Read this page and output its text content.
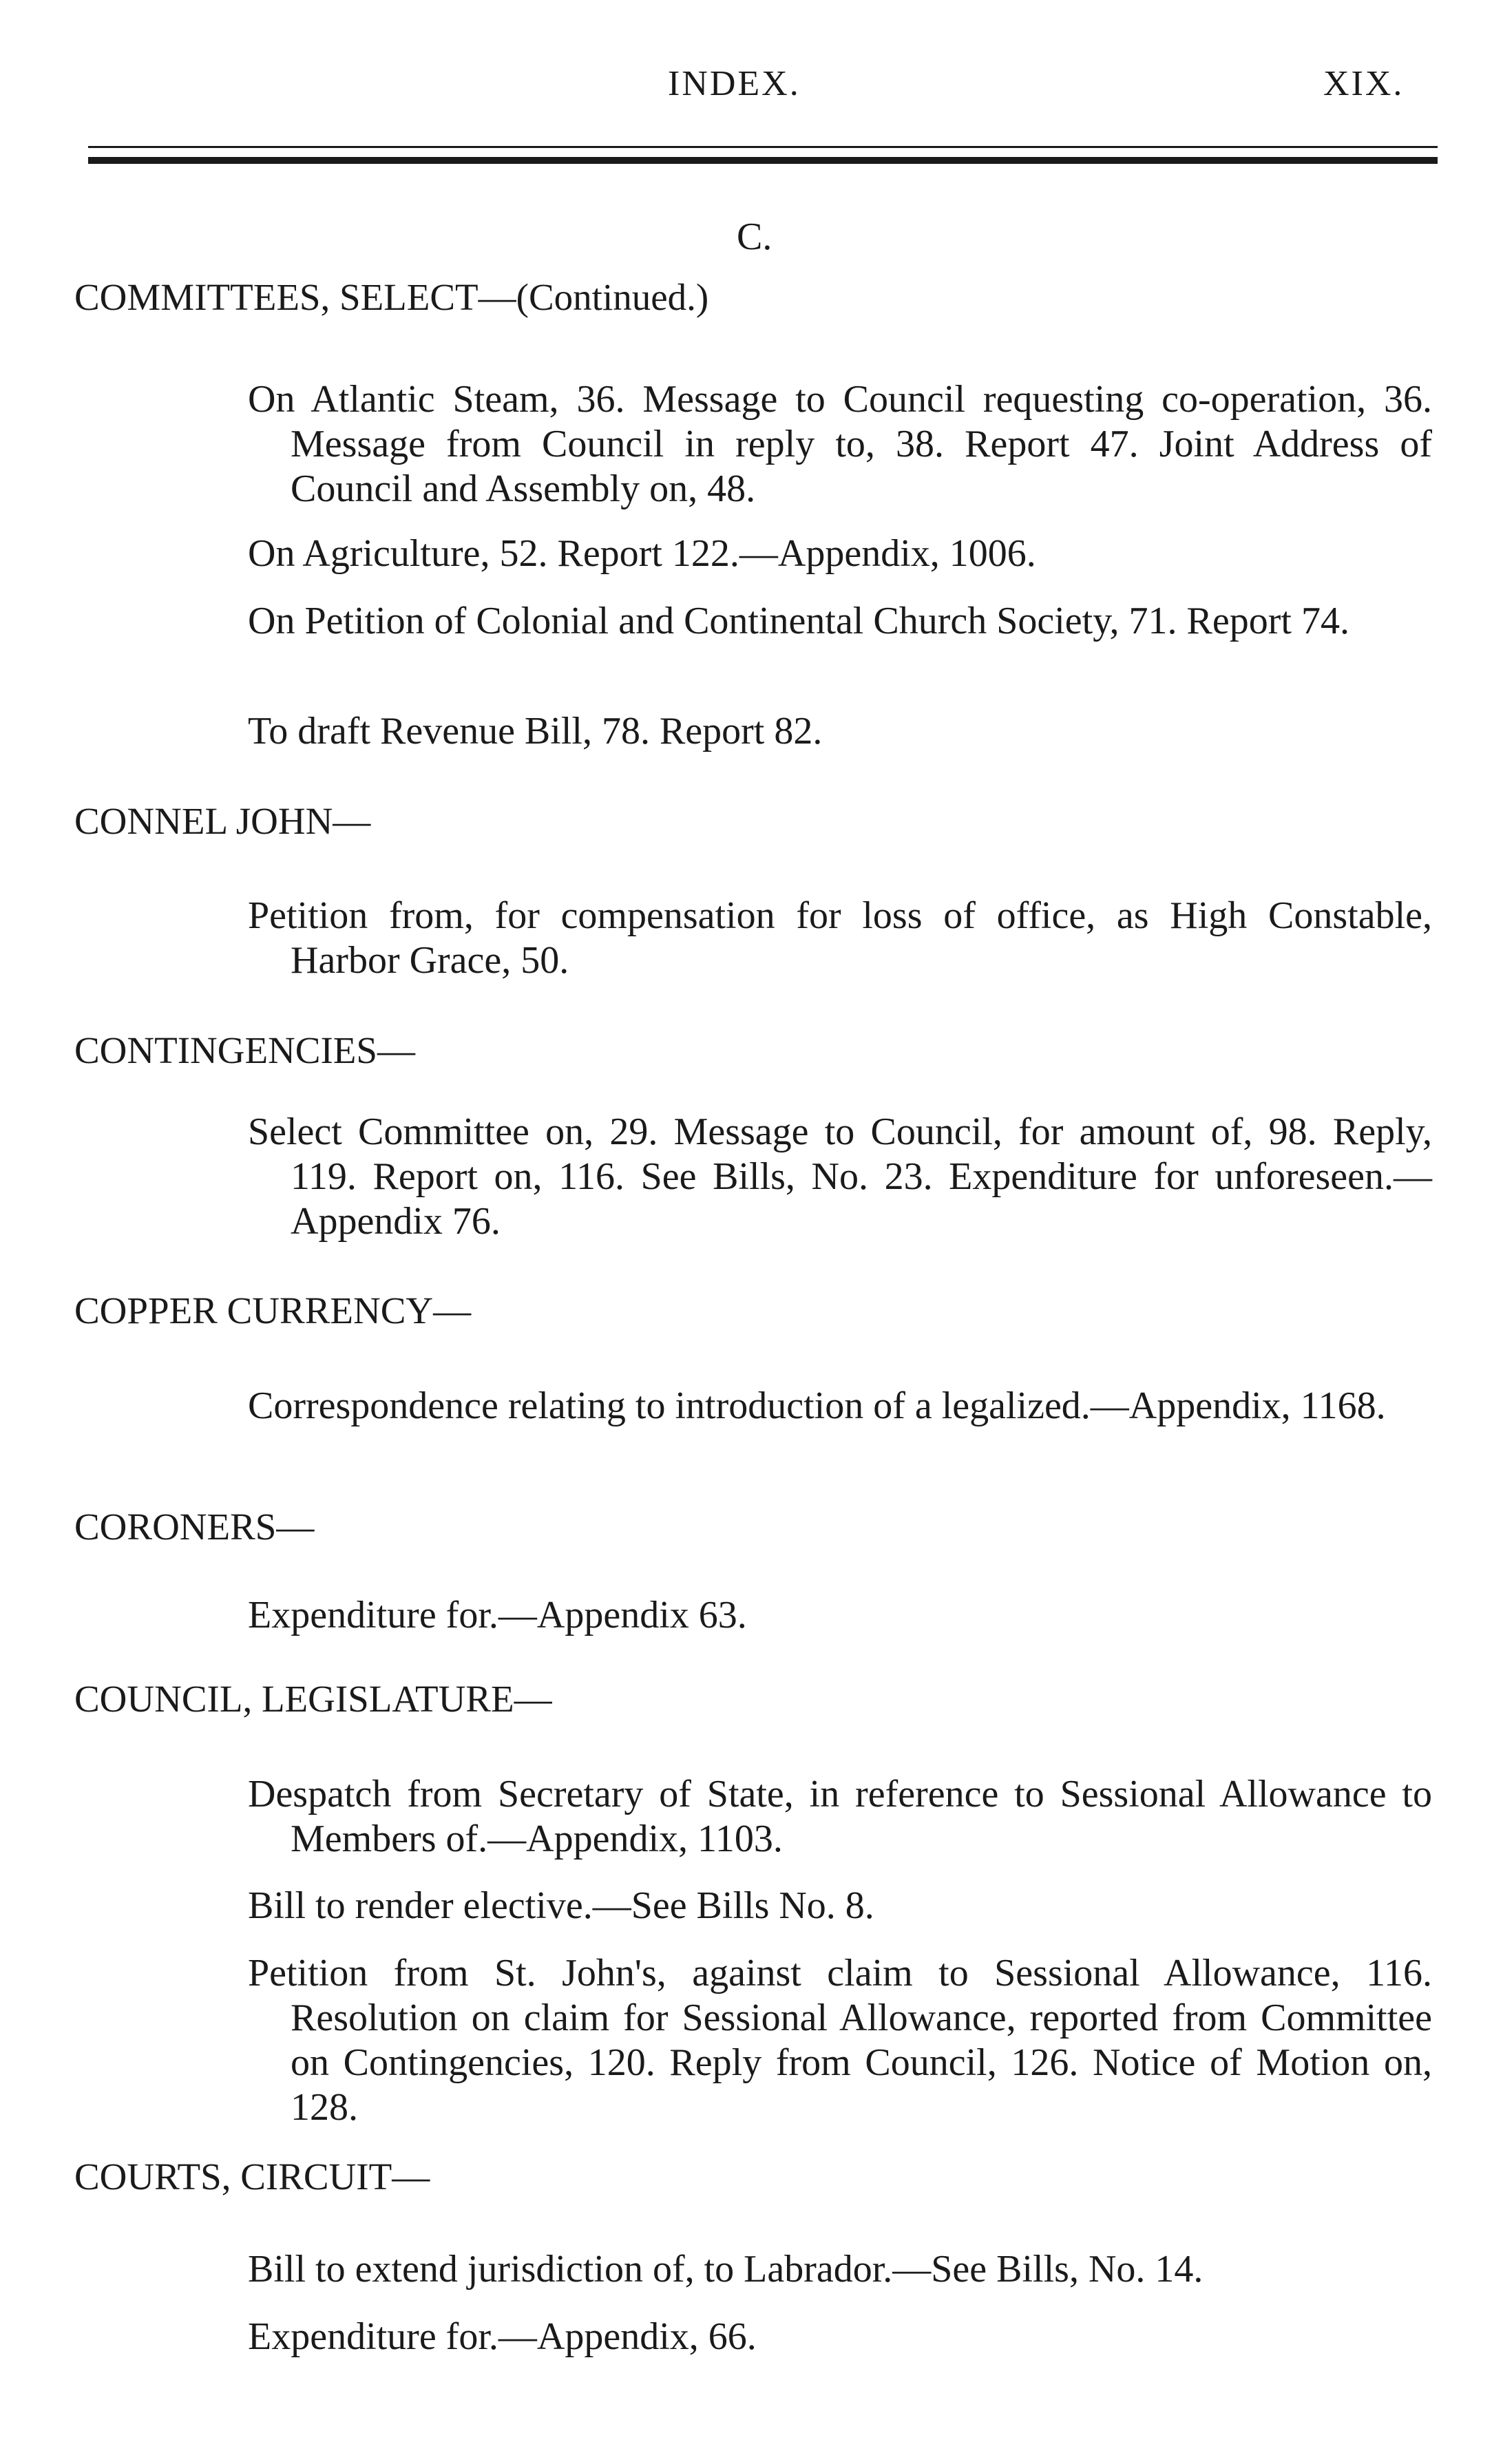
INDEX.	XIX.
C.
COMMITTEES, SELECT—(Continued.)
On Atlantic Steam, 36. Message to Council requesting co-operation, 36. Message from Council in reply to, 38. Report 47. Joint Address of Council and Assembly on, 48.
On Agriculture, 52. Report 122.—Appendix, 1006.
On Petition of Colonial and Continental Church Society, 71. Report 74.
To draft Revenue Bill, 78. Report 82.
CONNEL JOHN—
Petition from, for compensation for loss of office, as High Constable, Harbor Grace, 50.
CONTINGENCIES—
Select Committee on, 29. Message to Council, for amount of, 98. Reply, 119. Report on, 116. See Bills, No. 23. Expenditure for unforeseen.—Appendix 76.
COPPER CURRENCY—
Correspondence relating to introduction of a legalized.—Appendix, 1168.
CORONERS—
Expenditure for.—Appendix 63.
COUNCIL, LEGISLATURE—
Despatch from Secretary of State, in reference to Sessional Allowance to Members of.—Appendix, 1103.
Bill to render elective.—See Bills No. 8.
Petition from St. John's, against claim to Sessional Allowance, 116. Resolution on claim for Sessional Allowance, reported from Committee on Contingencies, 120. Reply from Council, 126. Notice of Motion on, 128.
COURTS, CIRCUIT—
Bill to extend jurisdiction of, to Labrador.—See Bills, No. 14.
Expenditure for.—Appendix, 66.
